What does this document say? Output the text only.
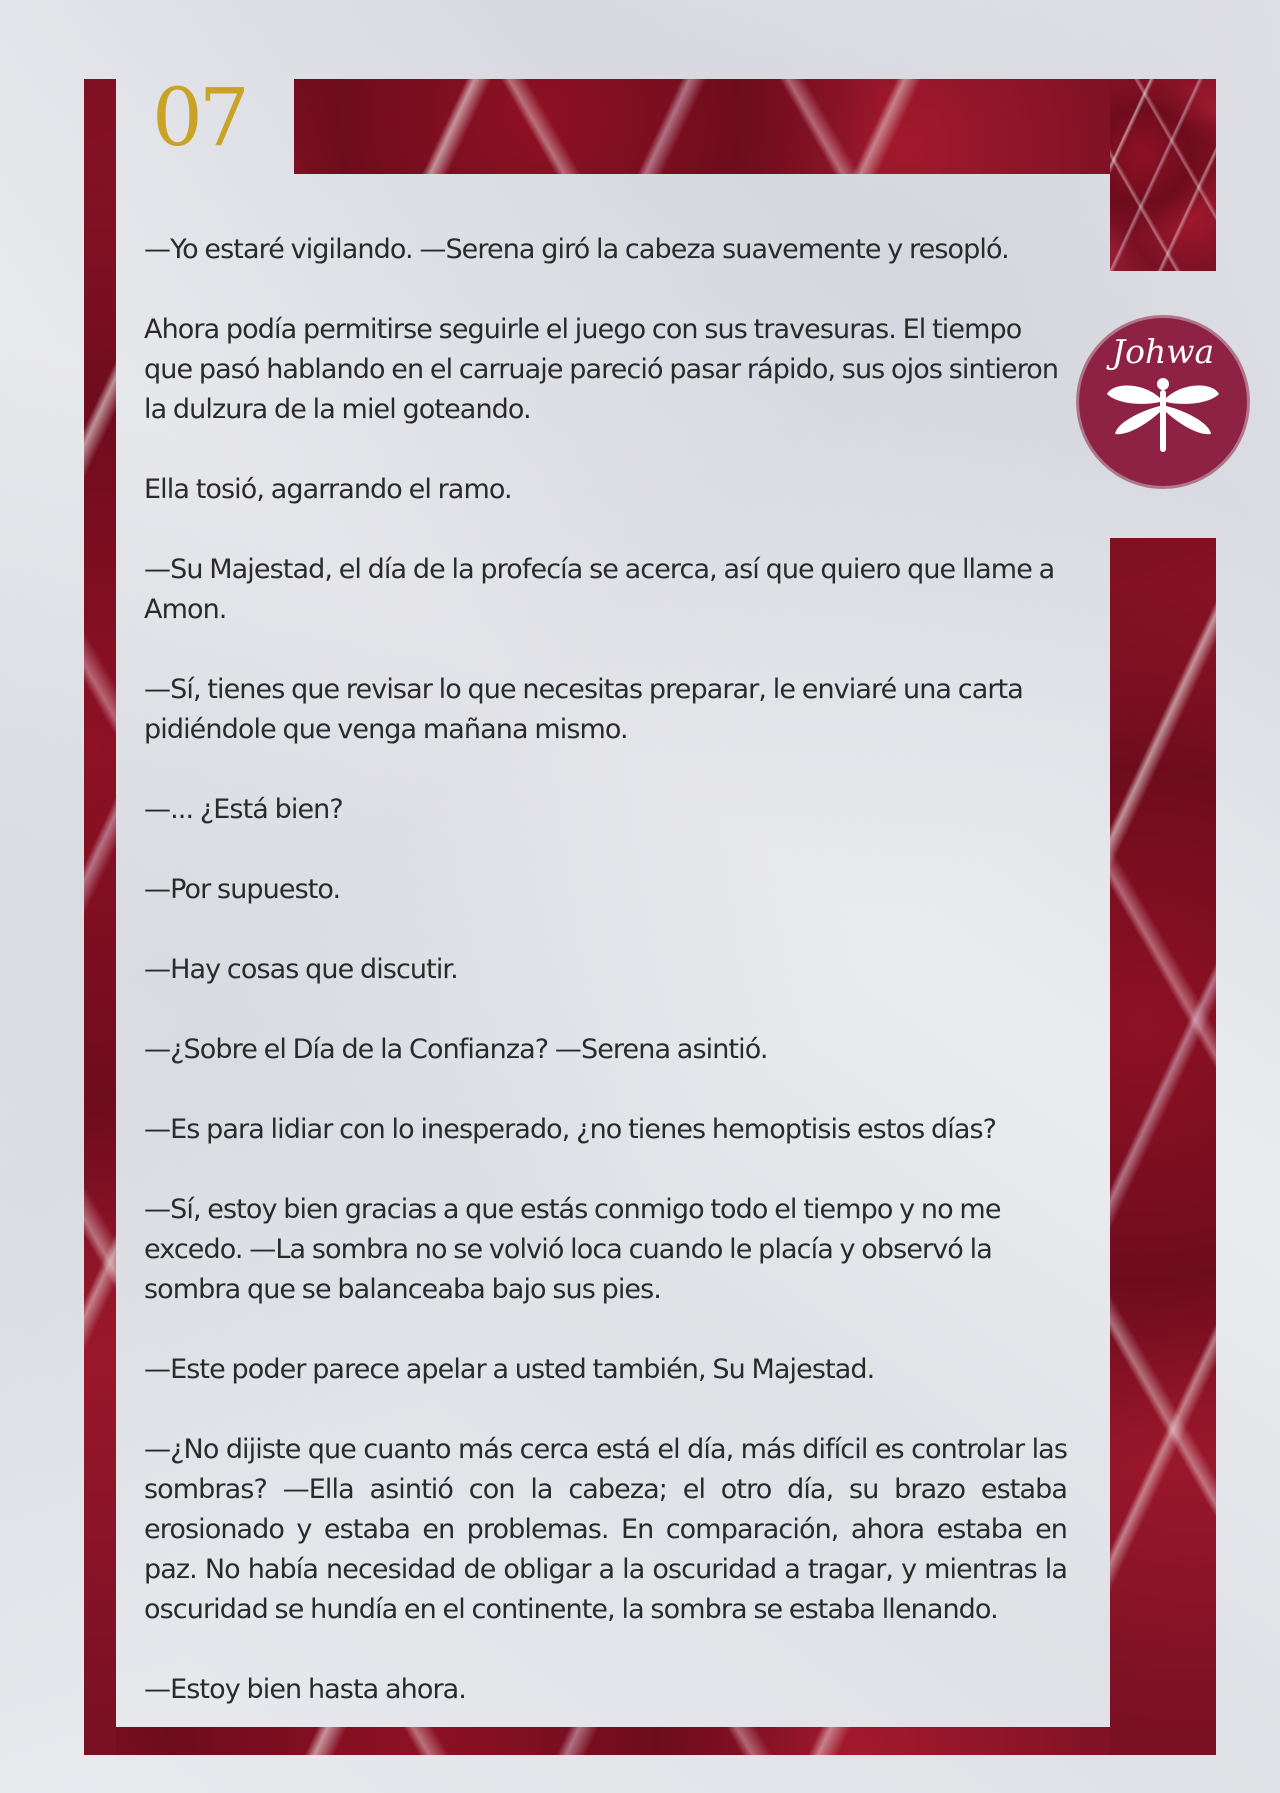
07
Johwa

—Yo estaré vigilando. —Serena giró la cabeza suavemente y resopló.

Ahora podía permitirse seguirle el juego con sus travesuras. El tiempo que pasó hablando en el carruaje pareció pasar rápido, sus ojos sintieron la dulzura de la miel goteando.

Ella tosió, agarrando el ramo.

—Su Majestad, el día de la profecía se acerca, así que quiero que llame a Amon.

—Sí, tienes que revisar lo que necesitas preparar, le enviaré una carta pidiéndole que venga mañana mismo.

—... ¿Está bien?

—Por supuesto.

—Hay cosas que discutir.

—¿Sobre el Día de la Confianza? —Serena asintió.

—Es para lidiar con lo inesperado, ¿no tienes hemoptisis estos días?

—Sí, estoy bien gracias a que estás conmigo todo el tiempo y no me excedo. —La sombra no se volvió loca cuando le placía y observó la sombra que se balanceaba bajo sus pies.

—Este poder parece apelar a usted también, Su Majestad.

—¿No dijiste que cuanto más cerca está el día, más difícil es controlar las sombras? —Ella asintió con la cabeza; el otro día, su brazo estaba erosionado y estaba en problemas. En comparación, ahora estaba en paz. No había necesidad de obligar a la oscuridad a tragar, y mientras la oscuridad se hundía en el continente, la sombra se estaba llenando.

—Estoy bien hasta ahora.
